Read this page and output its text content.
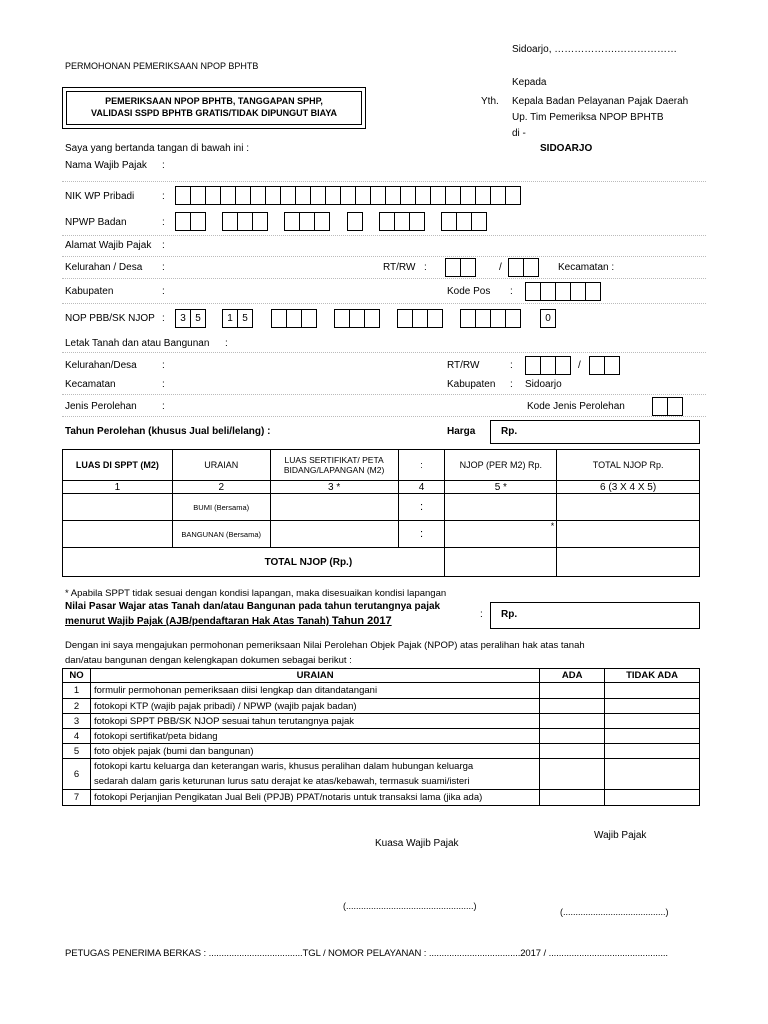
Sidoarjo, ……………….………………
PERMOHONAN PEMERIKSAAN NPOP BPHTB
Kepada
PEMERIKSAAN NPOP BPHTB, TANGGAPAN SPHP,
VALIDASI SSPD BPHTB GRATIS/TIDAK DIPUNGUT BIAYA
Yth. Kepala Badan Pelayanan Pajak Daerah
Up. Tim Pemeriksa NPOP BPHTB
di -
SIDOARJO
Saya yang bertanda tangan di bawah ini :
Nama Wajib Pajak :
NIK WP Pribadi	:
NPWP Badan	:
Alamat Wajib Pajak :
Kelurahan / Desa :	RT/RW :	/	Kecamatan :
Kabupaten	:	Kode Pos :
NOP PBB/SK NJOP :	3 5	1 5	0
Letak Tanah dan atau Bangunan :
Kelurahan/Desa	:	RT/RW	:	/
Kecamatan	:	Kabupaten : Sidoarjo
Jenis Perolehan	:	Kode Jenis Perolehan
Tahun Perolehan (khusus Jual beli/lelang) :	Harga	Rp.
LUAS DI SPPT (M2)	URAIAN	LUAS SERTIFIKAT/ PETA BIDANG/LAPANGAN (M2)	:	NJOP (PER M2) Rp.	TOTAL NJOP Rp.
1	2	3 *	4	5 *	6 (3 X 4 X 5)
	BUMI (Bersama)		:		
	BANGUNAN (Bersama)		:	*	
	TOTAL NJOP (Rp.)				
* Apabila SPPT tidak sesuai dengan kondisi lapangan, maka disesuaikan kondisi lapangan
Nilai Pasar Wajar atas Tanah dan/atau Bangunan pada tahun terutangnya pajak
menurut Wajib Pajak (AJB/pendaftaran Hak Atas Tanah) Tahun 2017
: Rp.
Dengan ini saya mengajukan permohonan pemeriksaan Nilai Perolehan Objek Pajak (NPOP) atas peralihan hak atas tanah
dan/atau bangunan dengan kelengkapan dokumen sebagai berikut :
NO	URAIAN	ADA	TIDAK ADA
1	formulir permohonan pemeriksaan diisi lengkap dan ditandatangani		
2	fotokopi KTP (wajib pajak pribadi) / NPWP (wajib pajak badan)		
3	fotokopi SPPT PBB/SK NJOP sesuai tahun terutangnya pajak		
4	fotokopi sertifikat/peta bidang		
5	foto objek pajak (bumi dan bangunan)		
6	fotokopi kartu keluarga dan keterangan waris, khusus peralihan dalam hubungan keluarga
sedarah dalam garis keturunan lurus satu derajat ke atas/kebawah, termasuk suami/isteri		

7	fotokopi Perjanjian Pengikatan Jual Beli (PPJB) PPAT/notaris untuk transaksi lama (jika ada)		
Wajib Pajak
Kuasa Wajib Pajak
(...................................................)
(.........................................)
PETUGAS PENERIMA BERKAS : .....................................TGL / NOMOR PELAYANAN : ....................................2017 / ...............................................
